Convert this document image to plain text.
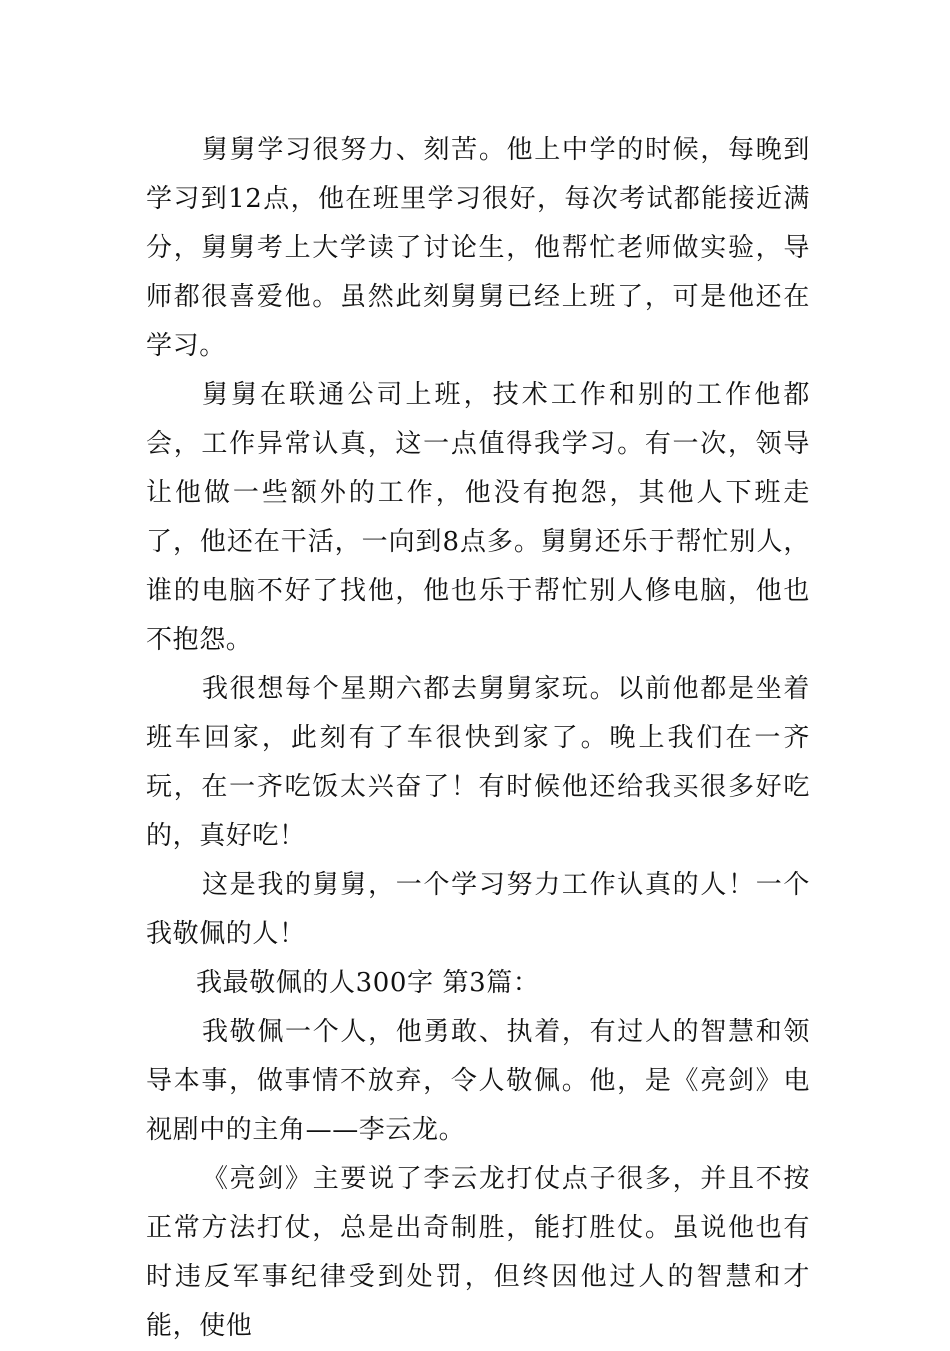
舅舅学习很努力、刻苦。他上中学的时候，每晚到学习到12点，他在班里学习很好，每次考试都能接近满分，舅舅考上大学读了讨论生，他帮忙老师做实验，导师都很喜爱他。虽然此刻舅舅已经上班了，可是他还在学习。

舅舅在联通公司上班，技术工作和别的工作他都会，工作异常认真，这一点值得我学习。有一次，领导让他做一些额外的工作，他没有抱怨，其他人下班走了，他还在干活，一向到8点多。舅舅还乐于帮忙别人，谁的电脑不好了找他，他也乐于帮忙别人修电脑，他也不抱怨。

我很想每个星期六都去舅舅家玩。以前他都是坐着班车回家，此刻有了车很快到家了。晚上我们在一齐玩，在一齐吃饭太兴奋了！有时候他还给我买很多好吃的，真好吃！

这是我的舅舅，一个学习努力工作认真的人！一个我敬佩的人！

我最敬佩的人300字 第3篇：

我敬佩一个人，他勇敢、执着，有过人的智慧和领导本事，做事情不放弃，令人敬佩。他，是《亮剑》电视剧中的主角——李云龙。

《亮剑》主要说了李云龙打仗点子很多，并且不按正常方法打仗，总是出奇制胜，能打胜仗。虽说他也有时违反军事纪律受到处罚，但终因他过人的智慧和才能，使他
